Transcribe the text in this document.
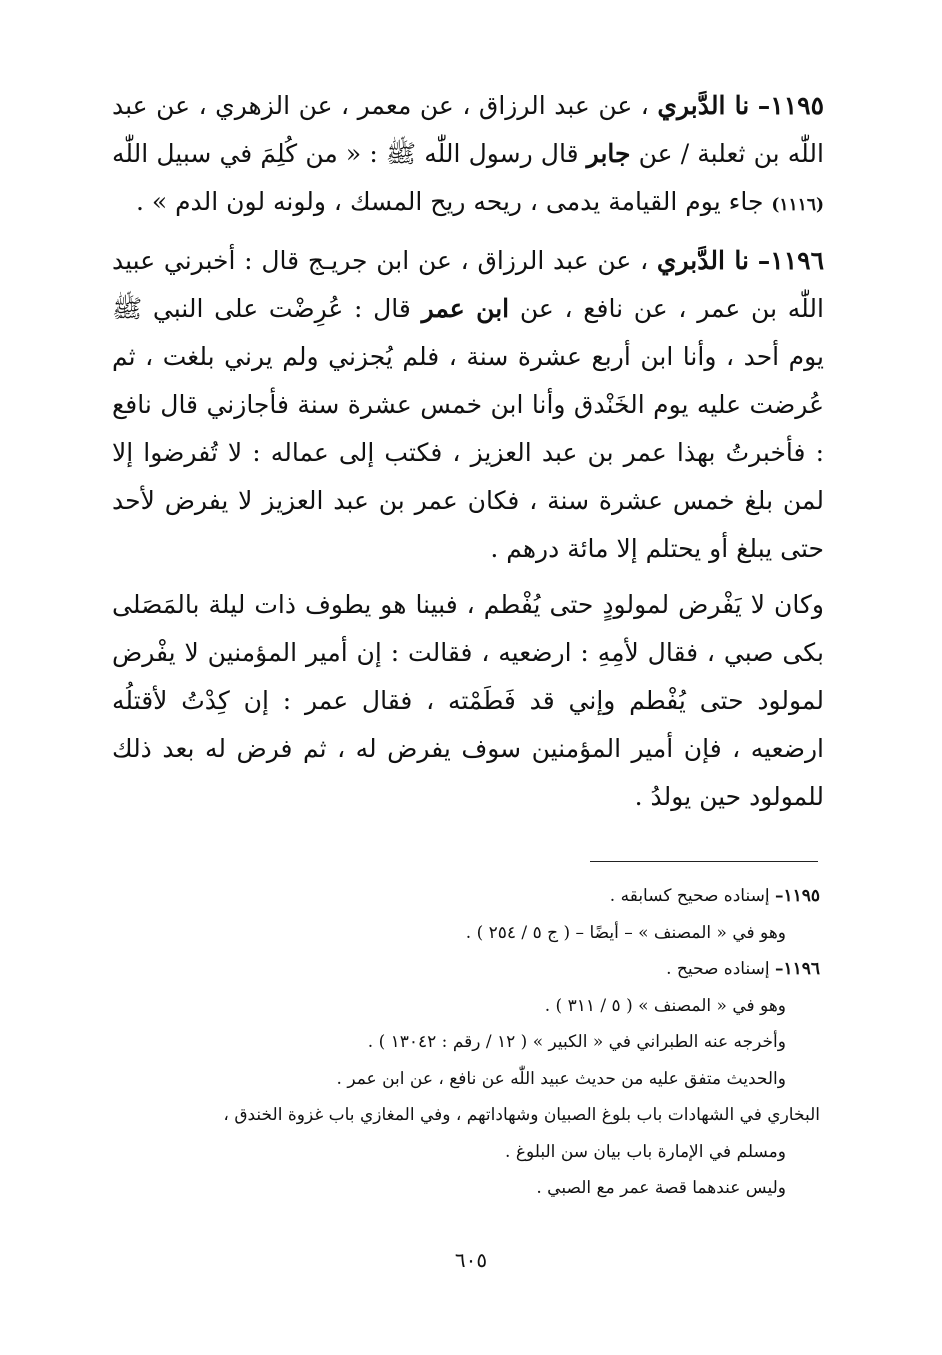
١١٩٥– نا الدَّبري ، عن عبد الرزاق ، عن معمر ، عن الزهري ، عن عبد اللّٰه بن ثعلبة / عن جابر قال رسول اللّٰه ﷺ : « من كُلِمَ في سبيل اللّٰه (١١١٦) جاء يوم القيامة يدمى ، ريحه ريح المسك ، ولونه لون الدم » .

١١٩٦– نا الدَّبري ، عن عبد الرزاق ، عن ابن جريـج قال : أخبرني عبيد اللّٰه بن عمر ، عن نافع ، عن ابن عمر قال : عُرِضْت على النبي ﷺ يوم أحد ، وأنا ابن أربع عشرة سنة ، فلم يُجزني ولم يرني بلغت ، ثم عُرضت عليه يوم الخَنْدق وأنا ابن خمس عشرة سنة فأجازني قال نافع : فأخبرتُ بهذا عمر بن عبد العزيز ، فكتب إلى عماله : لا تُفرضوا إلا لمن بلغ خمس عشرة سنة ، فكان عمر بن عبد العزيز لا يفرض لأحد حتى يبلغ أو يحتلم إلا مائة درهم .

وكان لا يَفْرض لمولودٍ حتى يُفْطم ، فبينا هو يطوف ذات ليلة بالمَصَلى بكى صبي ، فقال لأمِهِ : ارضعيه ، فقالت : إن أمير المؤمنين لا يفْرض لمولود حتى يُفْطم وإني قد فَطَمْته ، فقال عمر : إن كِدْتُ لأقتلُه ارضعيه ، فإن أمير المؤمنين سوف يفرض له ، ثم فرض له بعد ذلك للمولود حين يولدُ .

١١٩٥– إسناده صحيح كسابقه .

وهو في « المصنف » – أيضًا – ( ج ٥ / ٢٥٤ ) .

١١٩٦– إسناده صحيح .

وهو في « المصنف » ( ٥ / ٣١١ ) .

وأخرجه عنه الطبراني في « الكبير » ( ١٢ / رقم : ١٣٠٤٢ ) .

والحديث متفق عليه من حديث عبيد اللّٰه عن نافع ، عن ابن عمر .

البخاري في الشهادات باب بلوغ الصبيان وشهاداتهم ، وفي المغازي باب غزوة الخندق ،

ومسلم في الإمارة باب بيان سن البلوغ .

وليس عندهما قصة عمر مع الصبي .

٦٠٥
